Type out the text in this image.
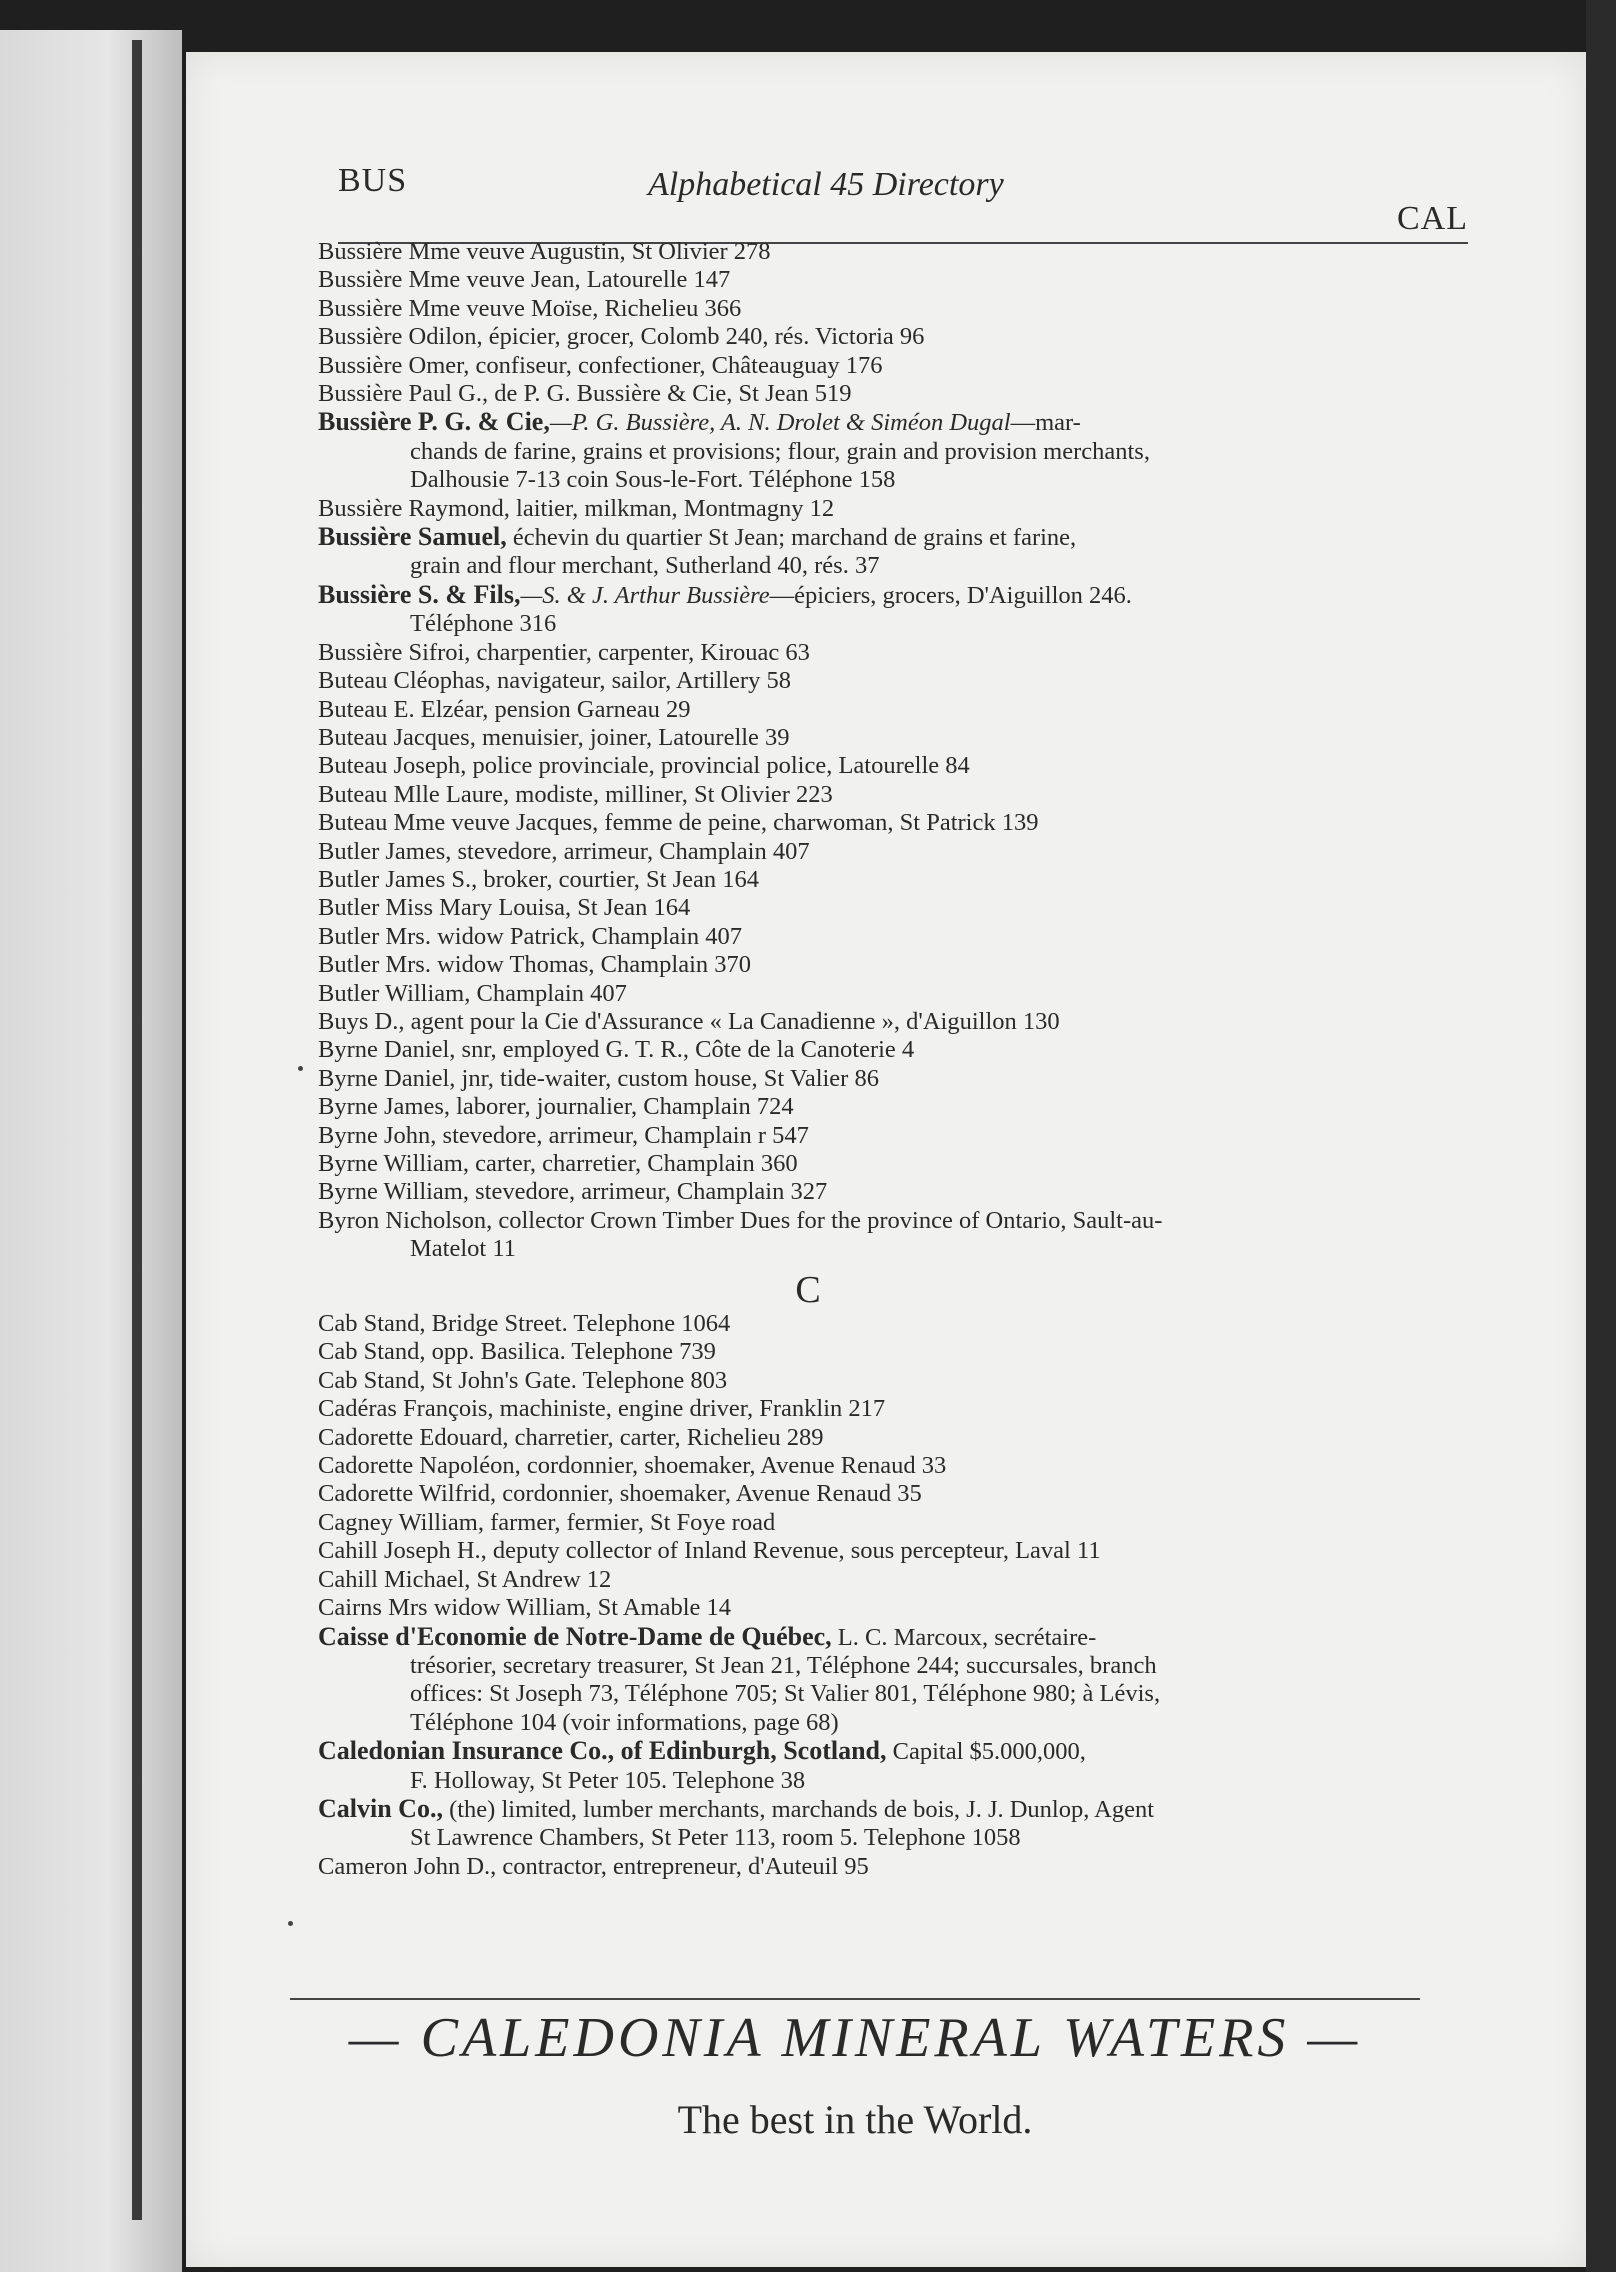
BUS	Alphabetical 45 Directory
CAL
Bussière Mme veuve Augustin, St Olivier 278
Bussière Mme veuve Jean, Latourelle 147
Bussière Mme veuve Moïse, Richelieu 366
Bussière Odilon, épicier, grocer, Colomb 240, rés. Victoria 96
Bussière Omer, confiseur, confectioner, Châteauguay 176
Bussière Paul G., de P. G. Bussière & Cie, St Jean 519
Bussière P. G. & Cie,—P. G. Bussière, A. N. Drolet & Siméon Dugal—mar-
chands de farine, grains et provisions; flour, grain and provision merchants,
Dalhousie 7-13 coin Sous-le-Fort. Téléphone 158
Bussière Raymond, laitier, milkman, Montmagny 12
Bussière Samuel, échevin du quartier St Jean; marchand de grains et farine,
grain and flour merchant, Sutherland 40, rés. 37
Bussière S. & Fils,—S. & J. Arthur Bussière—épiciers, grocers, D'Aiguillon 246.
Téléphone 316
Bussière Sifroi, charpentier, carpenter, Kirouac 63
Buteau Cléophas, navigateur, sailor, Artillery 58
Buteau E. Elzéar, pension Garneau 29
Buteau Jacques, menuisier, joiner, Latourelle 39
Buteau Joseph, police provinciale, provincial police, Latourelle 84
Buteau Mlle Laure, modiste, milliner, St Olivier 223
Buteau Mme veuve Jacques, femme de peine, charwoman, St Patrick 139
Butler James, stevedore, arrimeur, Champlain 407
Butler James S., broker, courtier, St Jean 164
Butler Miss Mary Louisa, St Jean 164
Butler Mrs. widow Patrick, Champlain 407
Butler Mrs. widow Thomas, Champlain 370
Butler William, Champlain 407
Buys D., agent pour la Cie d'Assurance « La Canadienne », d'Aiguillon 130
Byrne Daniel, snr, employed G. T. R., Côte de la Canoterie 4
Byrne Daniel, jnr, tide-waiter, custom house, St Valier 86
Byrne James, laborer, journalier, Champlain 724
Byrne John, stevedore, arrimeur, Champlain r 547
Byrne William, carter, charretier, Champlain 360
Byrne William, stevedore, arrimeur, Champlain 327
Byron Nicholson, collector Crown Timber Dues for the province of Ontario, Sault-au-
Matelot 11
C
Cab Stand, Bridge Street. Telephone 1064
Cab Stand, opp. Basilica. Telephone 739
Cab Stand, St John's Gate. Telephone 803
Cadéras François, machiniste, engine driver, Franklin 217
Cadorette Edouard, charretier, carter, Richelieu 289
Cadorette Napoléon, cordonnier, shoemaker, Avenue Renaud 33
Cadorette Wilfrid, cordonnier, shoemaker, Avenue Renaud 35
Cagney William, farmer, fermier, St Foye road
Cahill Joseph H., deputy collector of Inland Revenue, sous percepteur, Laval 11
Cahill Michael, St Andrew 12
Cairns Mrs widow William, St Amable 14
Caisse d'Economie de Notre-Dame de Québec, L. C. Marcoux, secrétaire-
trésorier, secretary treasurer, St Jean 21, Téléphone 244; succursales, branch
offices: St Joseph 73, Téléphone 705; St Valier 801, Téléphone 980; à Lévis,
Téléphone 104 (voir informations, page 68)
Caledonian Insurance Co., of Edinburgh, Scotland, Capital $5.000,000,
F. Holloway, St Peter 105. Telephone 38
Calvin Co., (the) limited, lumber merchants, marchands de bois, J. J. Dunlop, Agent
St Lawrence Chambers, St Peter 113, room 5. Telephone 1058
Cameron John D., contractor, entrepreneur, d'Auteuil 95
— CALEDONIA MINERAL WATERS —
The best in the World.
